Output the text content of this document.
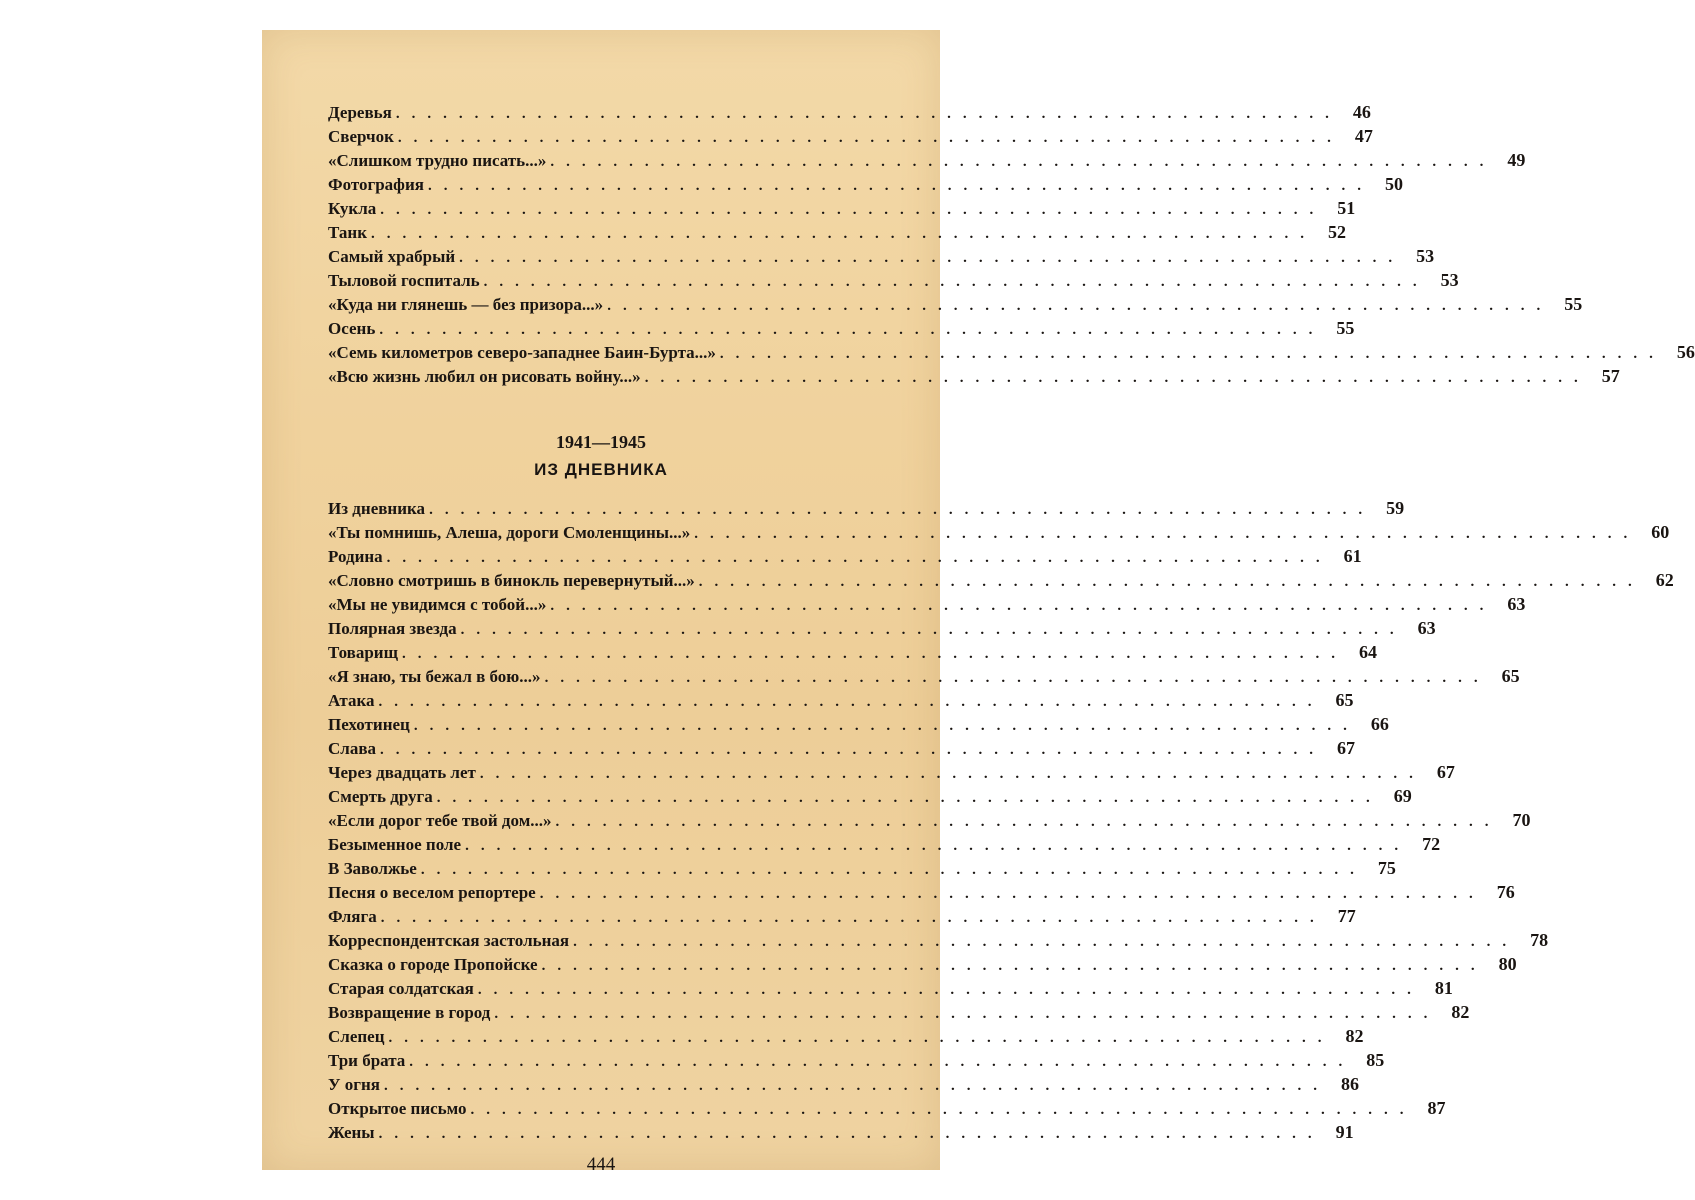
Деревья ............................................................ 46
Сверчок ............................................................ 47
«Слишком трудно писать...» ............................................................ 49
Фотография ............................................................ 50
Кукла ............................................................ 51
Танк ............................................................ 52
Самый храбрый ............................................................ 53
Тыловой госпиталь ............................................................ 53
«Куда ни глянешь — без призора...» ............................................................ 55
Осень ............................................................ 55
«Семь километров северо-западнее Баин-Бурта...» ............................................................ 56
«Всю жизнь любил он рисовать войну...» ............................................................ 57
1941—1945
ИЗ ДНЕВНИКА
Из дневника ............................................................ 59
«Ты помнишь, Алеша, дороги Смоленщины...» ............................................................ 60
Родина ............................................................ 61
«Словно смотришь в бинокль перевернутый...» ............................................................ 62
«Мы не увидимся с тобой...» ............................................................ 63
Полярная звезда ............................................................ 63
Товарищ ............................................................ 64
«Я знаю, ты бежал в бою...» ............................................................ 65
Атака ............................................................ 65
Пехотинец ............................................................ 66
Слава ............................................................ 67
Через двадцать лет ............................................................ 67
Смерть друга ............................................................ 69
«Если дорог тебе твой дом...» ............................................................ 70
Безыменное поле ............................................................ 72
В Заволжье ............................................................ 75
Песня о веселом репортере ............................................................ 76
Фляга ............................................................ 77
Корреспондентская застольная ............................................................ 78
Сказка о городе Пропойске ............................................................ 80
Старая солдатская ............................................................ 81
Возвращение в город ............................................................ 82
Слепец ............................................................ 82
Три брата ............................................................ 85
У огня ............................................................ 86
Открытое письмо ............................................................ 87
Жены ............................................................ 91
444
